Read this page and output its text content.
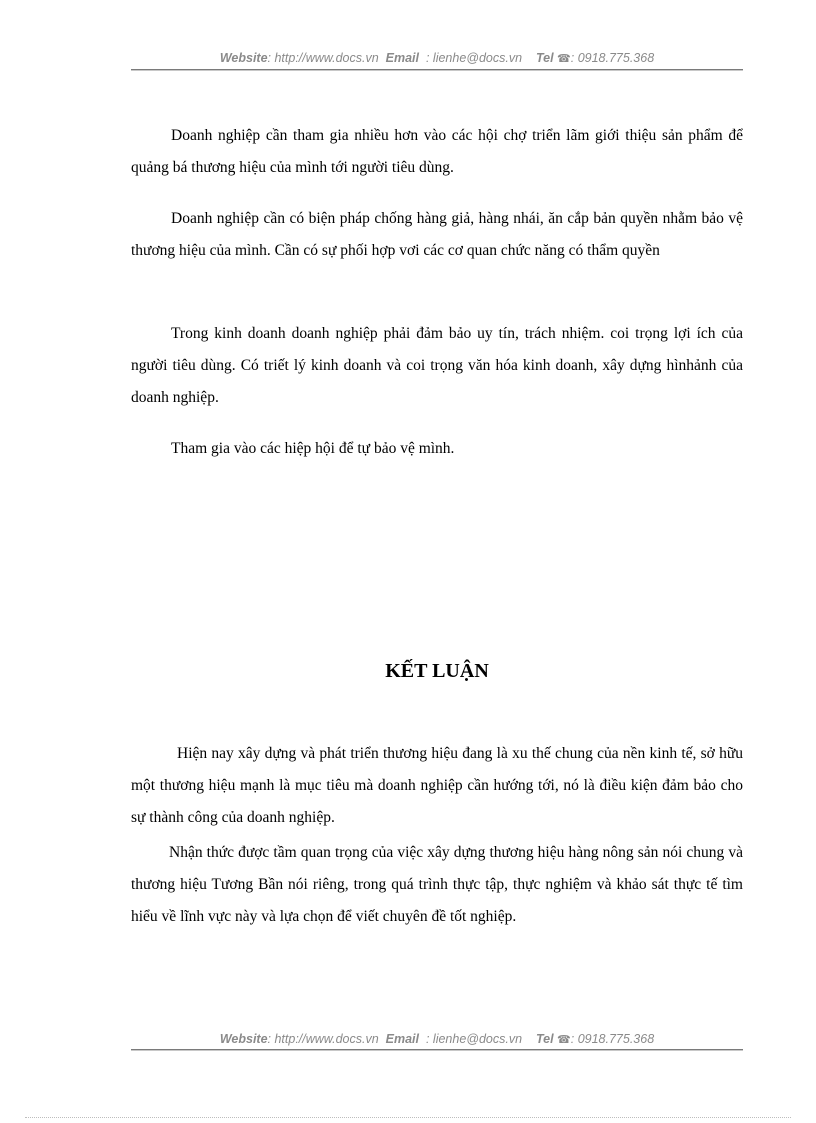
Website: http://www.docs.vn Email : lienhe@docs.vn Tel ☎: 0918.775.368

Doanh nghiệp cần tham gia nhiều hơn vào các hội chợ triển lãm giới thiệu sản phẩm để quảng bá thương hiệu của mình tới người tiêu dùng.

Doanh nghiệp cần có biện pháp chống hàng giả, hàng nhái, ăn cắp bản quyền nhằm bảo vệ thương hiệu của mình. Cần có sự phối hợp vơi các cơ quan chức năng có thẩm quyền

Trong kinh doanh doanh nghiệp phải đảm bảo uy tín, trách nhiệm. coi trọng lợi ích của người tiêu dùng. Có triết lý kinh doanh và coi trọng văn hóa kinh doanh, xây dựng hìnhảnh của doanh nghiệp.

Tham gia vào các hiệp hội để tự bảo vệ mình.

KẾT LUẬN

Hiện nay xây dựng và phát triển thương hiệu đang là xu thế chung của nền kinh tế, sở hữu một thương hiệu mạnh là mục tiêu mà doanh nghiệp cần hướng tới, nó là điều kiện đảm bảo cho sự thành công của doanh nghiệp.

Nhận thức được tầm quan trọng của việc xây dựng thương hiệu hàng nông sản nói chung và thương hiệu Tương Bần nói riêng, trong quá trình thực tập, thực nghiệm và khảo sát thực tế tìm hiểu về lĩnh vực này và lựa chọn để viết chuyên đề tốt nghiệp.

Website: http://www.docs.vn Email : lienhe@docs.vn Tel ☎: 0918.775.368
